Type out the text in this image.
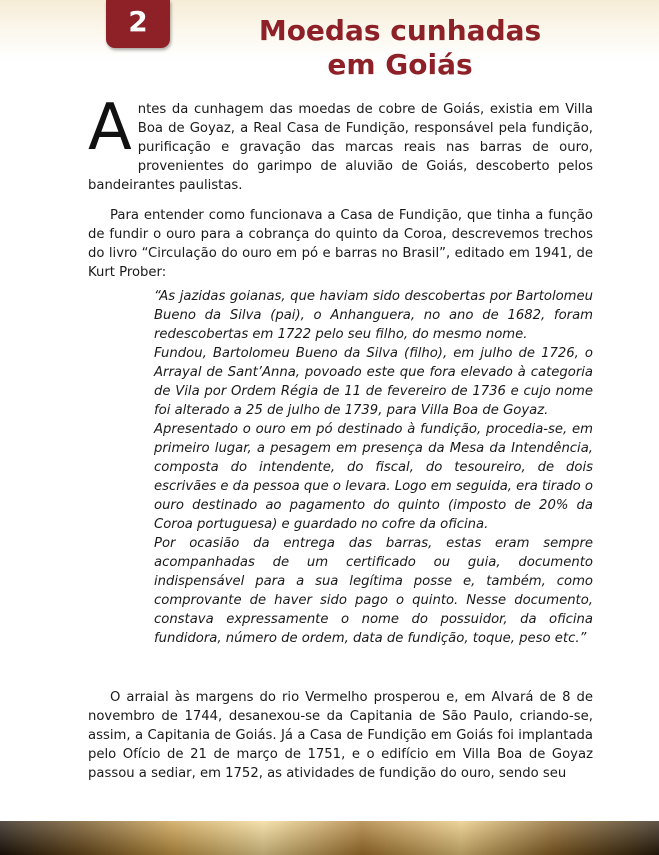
2	Moedas cunhadas
em Goiás

Antes da cunhagem das moedas de cobre de Goiás, existia em Villa Boa de Goyaz, a Real Casa de Fundição, responsável pela fundição, purificação e gravação das marcas reais nas barras de ouro, provenientes do garimpo de aluvião de Goiás, descoberto pelos bandeirantes paulistas.

Para entender como funcionava a Casa de Fundição, que tinha a função de fundir o ouro para a cobrança do quinto da Coroa, descrevemos trechos do livro “Circulação do ouro em pó e barras no Brasil”, editado em 1941, de Kurt Prober:

“As jazidas goianas, que haviam sido descobertas por Bartolomeu Bueno da Silva (pai), o Anhanguera, no ano de 1682, foram redescobertas em 1722 pelo seu filho, do mesmo nome.

Fundou, Bartolomeu Bueno da Silva (filho), em julho de 1726, o Arrayal de Sant’Anna, povoado este que fora elevado à categoria de Vila por Ordem Régia de 11 de fevereiro de 1736 e cujo nome foi alterado a 25 de julho de 1739, para Villa Boa de Goyaz.

Apresentado o ouro em pó destinado à fundição, procedia-se, em primeiro lugar, a pesagem em presença da Mesa da Intendência, composta do intendente, do fiscal, do tesoureiro, de dois escrivães e da pessoa que o levara. Logo em seguida, era tirado o ouro destinado ao pagamento do quinto (imposto de 20% da Coroa portuguesa) e guardado no cofre da oficina.

Por ocasião da entrega das barras, estas eram sempre acompanhadas de um certificado ou guia, documento indispensável para a sua legítima posse e, também, como comprovante de haver sido pago o quinto. Nesse documento, constava expressamente o nome do possuidor, da oficina fundidora, número de ordem, data de fundição, toque, peso etc.”

O arraial às margens do rio Vermelho prosperou e, em Alvará de 8 de novembro de 1744, desanexou-se da Capitania de São Paulo, criando-se, assim, a Capitania de Goiás. Já a Casa de Fundição em Goiás foi implantada pelo Ofício de 21 de março de 1751, e o edifício em Villa Boa de Goyaz passou a sediar, em 1752, as atividades de fundição do ouro, sendo seu
